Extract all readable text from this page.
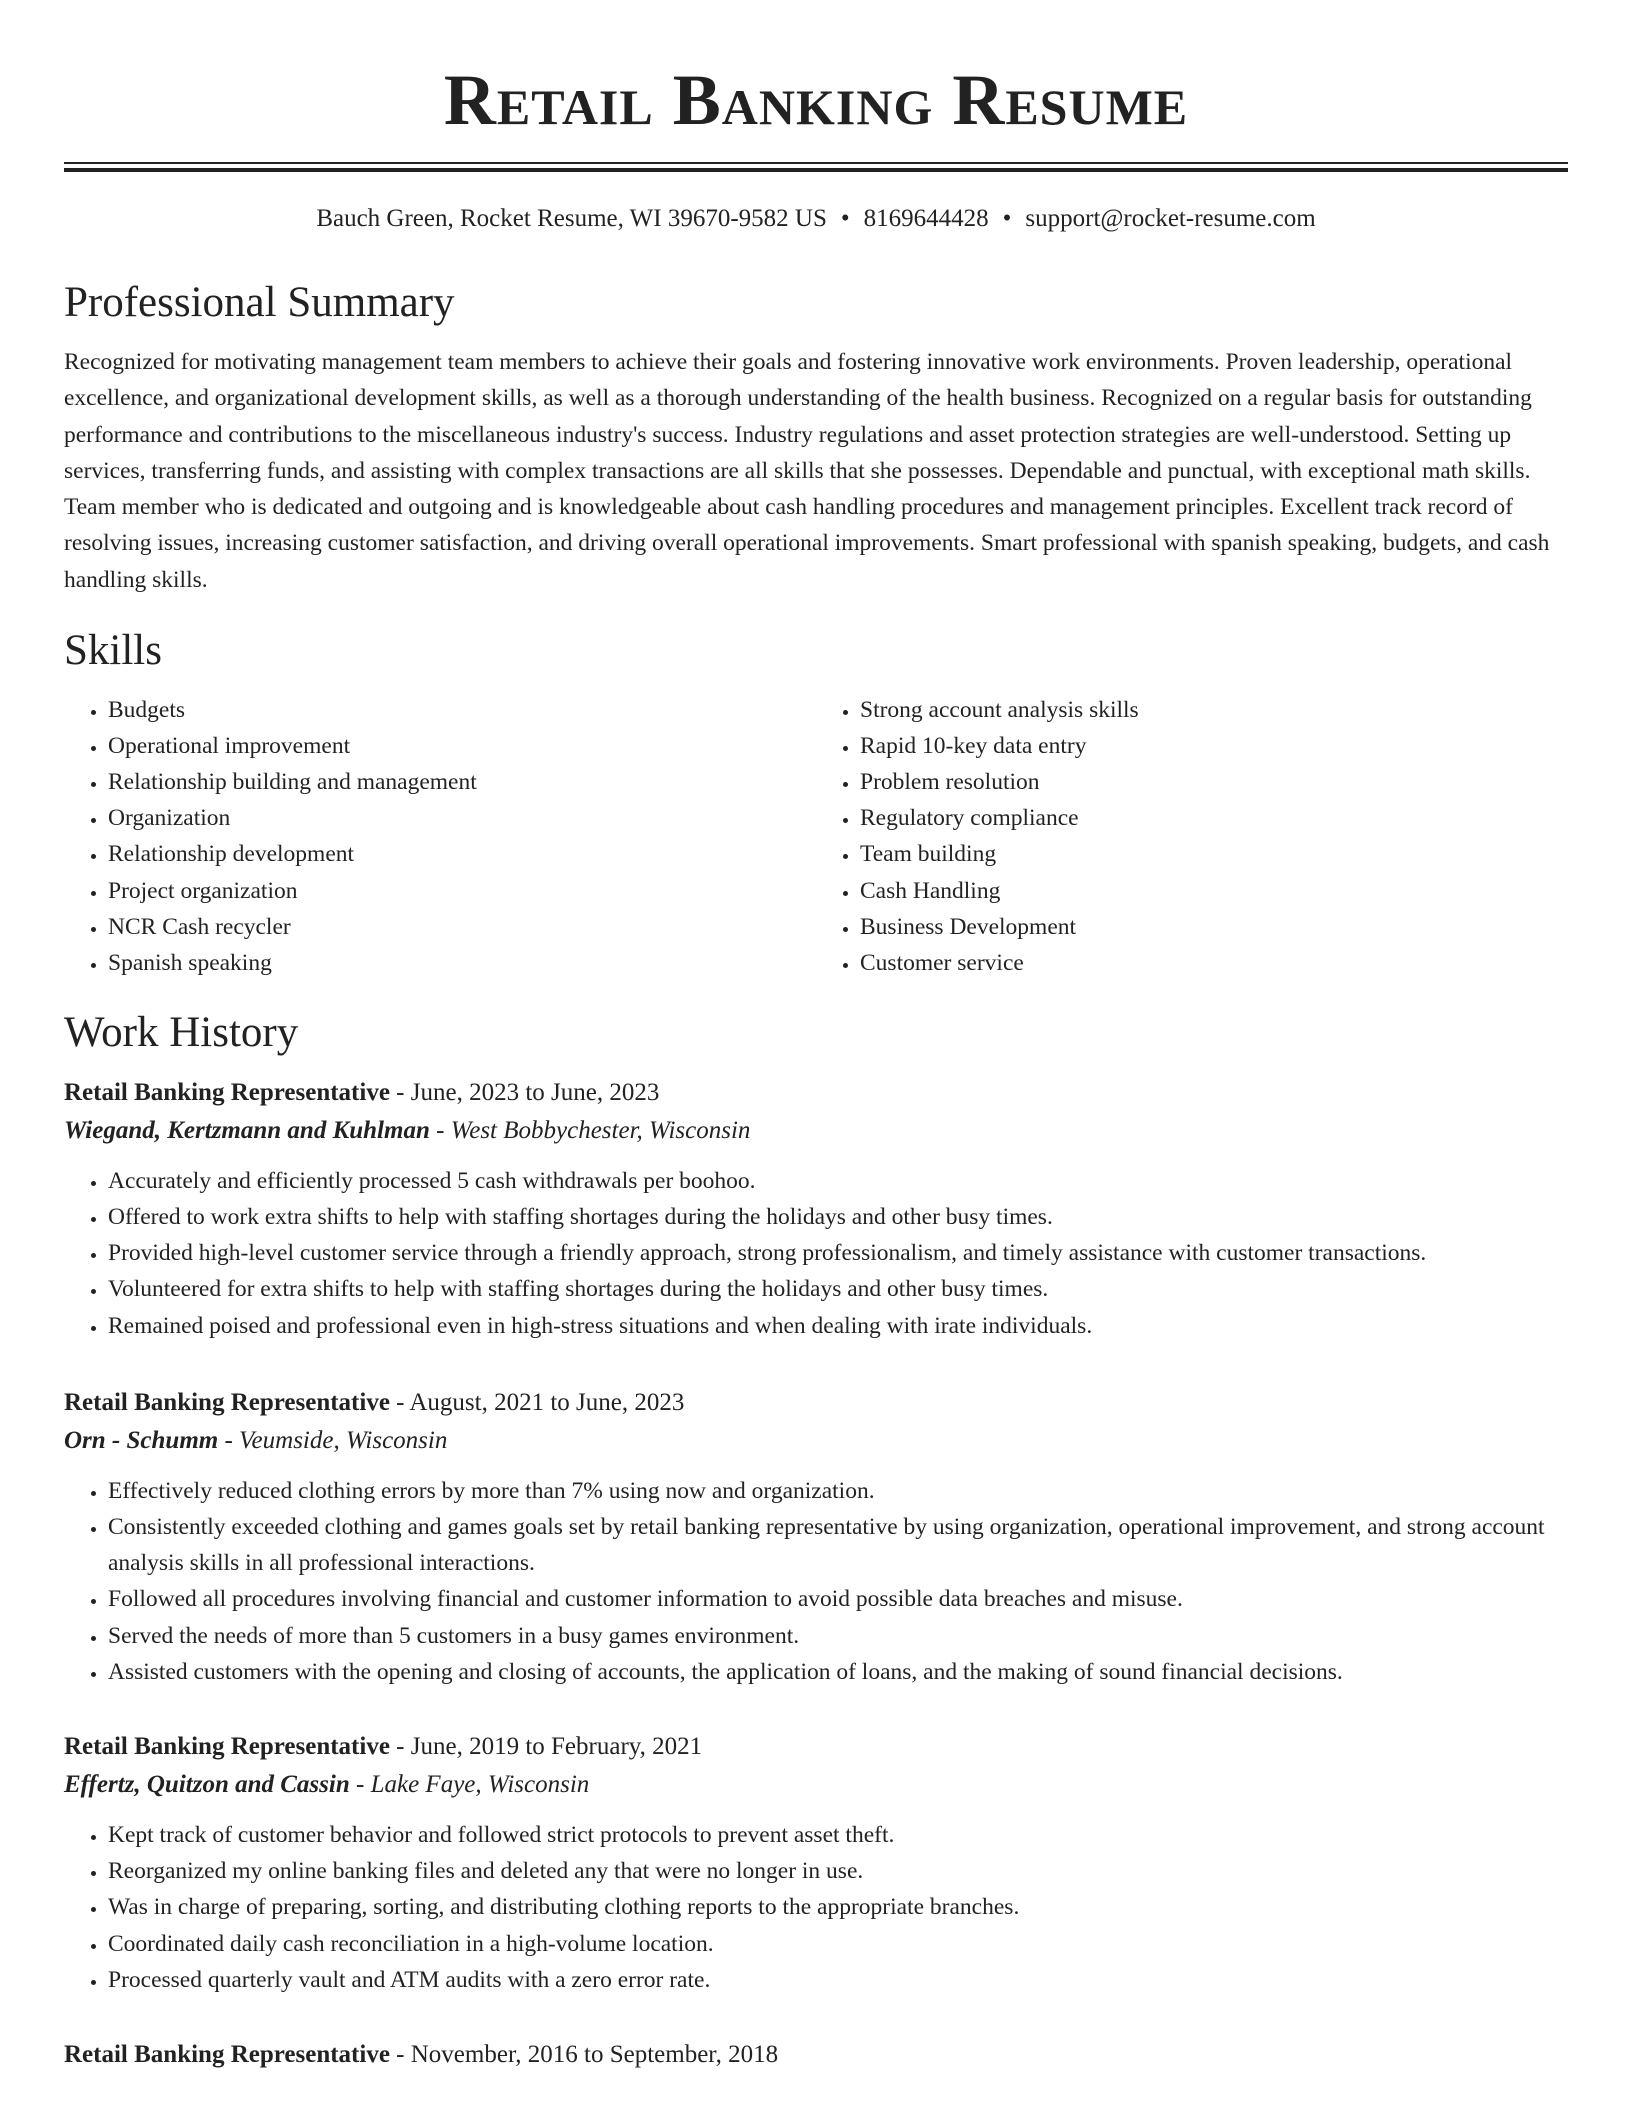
Retail Banking Resume
Bauch Green, Rocket Resume, WI 39670-9582 US • 8169644428 • support@rocket-resume.com
Professional Summary
Recognized for motivating management team members to achieve their goals and fostering innovative work environments. Proven leadership, operational excellence, and organizational development skills, as well as a thorough understanding of the health business. Recognized on a regular basis for outstanding performance and contributions to the miscellaneous industry's success. Industry regulations and asset protection strategies are well-understood. Setting up services, transferring funds, and assisting with complex transactions are all skills that she possesses. Dependable and punctual, with exceptional math skills. Team member who is dedicated and outgoing and is knowledgeable about cash handling procedures and management principles. Excellent track record of resolving issues, increasing customer satisfaction, and driving overall operational improvements. Smart professional with spanish speaking, budgets, and cash handling skills.
Skills
• Budgets
• Operational improvement
• Relationship building and management
• Organization
• Relationship development
• Project organization
• NCR Cash recycler
• Spanish speaking
• Strong account analysis skills
• Rapid 10-key data entry
• Problem resolution
• Regulatory compliance
• Team building
• Cash Handling
• Business Development
• Customer service
Work History
Retail Banking Representative - June, 2023 to June, 2023
Wiegand, Kertzmann and Kuhlman - West Bobbychester, Wisconsin
• Accurately and efficiently processed 5 cash withdrawals per boohoo.
• Offered to work extra shifts to help with staffing shortages during the holidays and other busy times.
• Provided high-level customer service through a friendly approach, strong professionalism, and timely assistance with customer transactions.
• Volunteered for extra shifts to help with staffing shortages during the holidays and other busy times.
• Remained poised and professional even in high-stress situations and when dealing with irate individuals.
Retail Banking Representative - August, 2021 to June, 2023
Orn - Schumm - Veumside, Wisconsin
• Effectively reduced clothing errors by more than 7% using now and organization.
• Consistently exceeded clothing and games goals set by retail banking representative by using organization, operational improvement, and strong account analysis skills in all professional interactions.
• Followed all procedures involving financial and customer information to avoid possible data breaches and misuse.
• Served the needs of more than 5 customers in a busy games environment.
• Assisted customers with the opening and closing of accounts, the application of loans, and the making of sound financial decisions.
Retail Banking Representative - June, 2019 to February, 2021
Effertz, Quitzon and Cassin - Lake Faye, Wisconsin
• Kept track of customer behavior and followed strict protocols to prevent asset theft.
• Reorganized my online banking files and deleted any that were no longer in use.
• Was in charge of preparing, sorting, and distributing clothing reports to the appropriate branches.
• Coordinated daily cash reconciliation in a high-volume location.
• Processed quarterly vault and ATM audits with a zero error rate.
Retail Banking Representative - November, 2016 to September, 2018
